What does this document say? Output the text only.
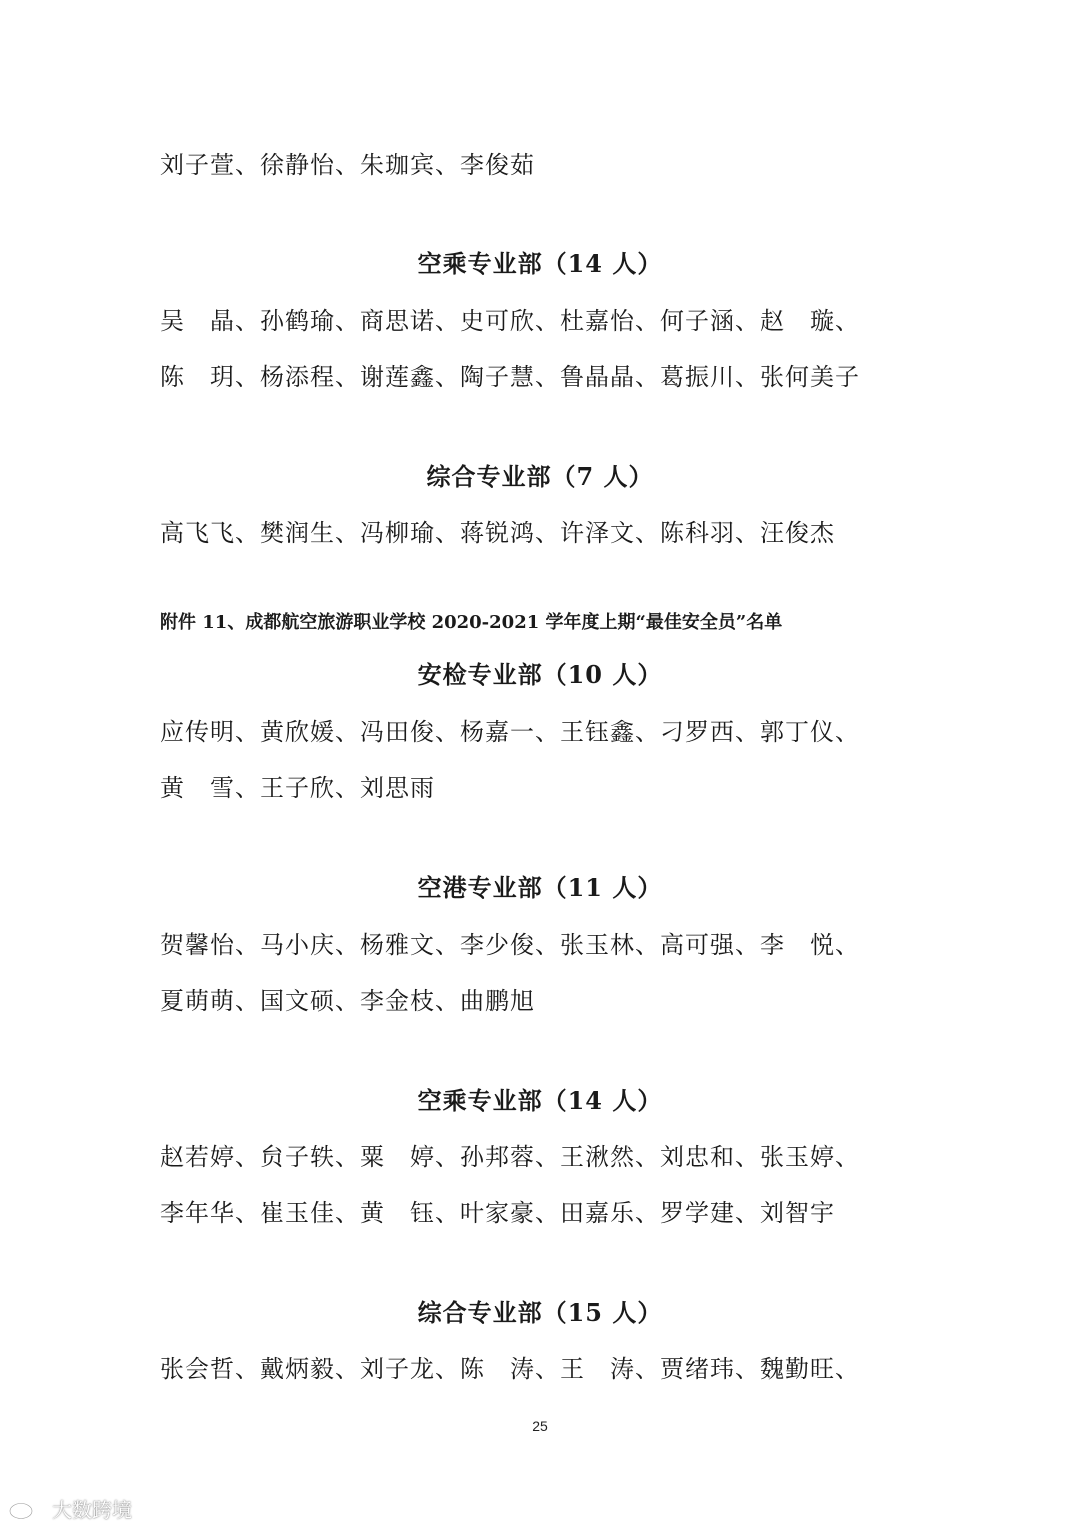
刘子萱、徐静怡、朱珈宾、李俊茹
空乘专业部（14 人）
吴　晶、孙鹤瑜、商思诺、史可欣、杜嘉怡、何子涵、赵　璇、
陈　玥、杨添程、谢莲鑫、陶子慧、鲁晶晶、葛振川、张何美子
综合专业部（7 人）
高飞飞、樊润生、冯柳瑜、蒋锐鸿、许泽文、陈科羽、汪俊杰
附件 11、成都航空旅游职业学校 2020-2021 学年度上期“最佳安全员”名单
安检专业部（10 人）
应传明、黄欣媛、冯田俊、杨嘉一、王钰鑫、刁罗西、郭丁仪、
黄　雪、王子欣、刘思雨
空港专业部（11 人）
贺馨怡、马小庆、杨雅文、李少俊、张玉林、高可强、李　悦、
夏萌萌、国文硕、李金枝、曲鹏旭
空乘专业部（14 人）
赵若婷、贠子轶、粟　婷、孙邦蓉、王湫然、刘忠和、张玉婷、
李年华、崔玉佳、黄　钰、叶家豪、田嘉乐、罗学建、刘智宇
综合专业部（15 人）
张会哲、戴炳毅、刘子龙、陈　涛、王　涛、贾绪玮、魏勤旺、
25
大数跨境
